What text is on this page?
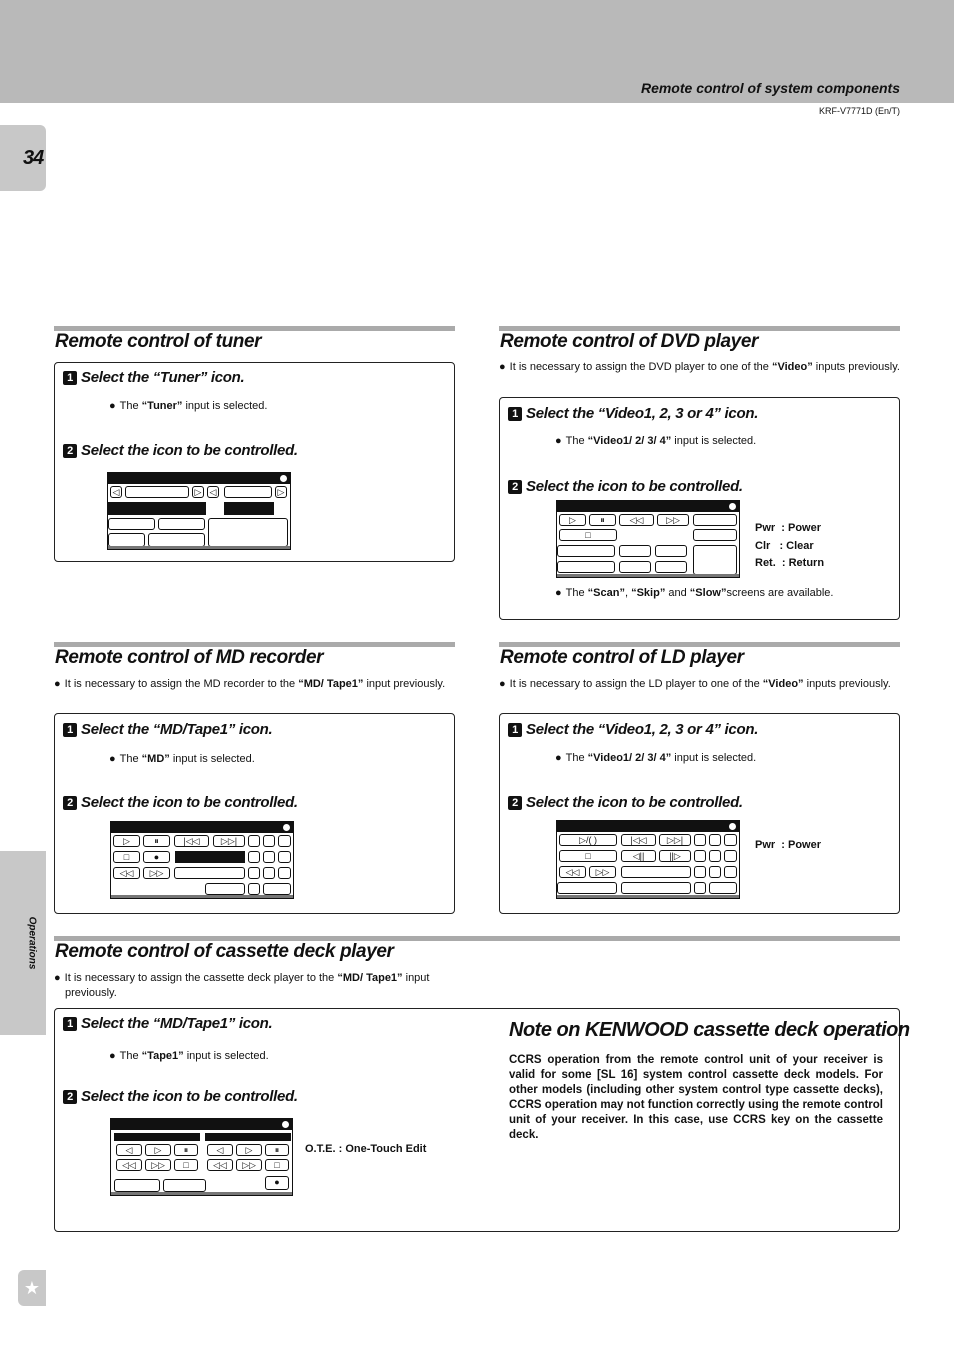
Remote control of system components
KRF-V7771D (En/T)
34
Operations
★
Remote control of tuner
1 Select the “Tuner” icon.
● The “Tuner” input is selected.
2 Select the icon to be controlled.
◁	▷ ◁	▷
Remote control of DVD player
● It is necessary to assign the DVD player to one of the “Video” inputs previously.
1 Select the “Video1, 2, 3 or 4” icon.
● The “Video1/ 2/ 3/ 4” input is selected.
2 Select the icon to be controlled.
▷	⏸	◁◁	▷▷
□
Pwr  : Power
Clr   : Clear
Ret.  : Return
● The “Scan”, “Skip” and “Slow”screens are available.
Remote control of MD recorder
● It is necessary to assign the MD recorder to the “MD/ Tape1” input previously.
1 Select the “MD/Tape1” icon.
● The “MD” input is selected.
2 Select the icon to be controlled.
▷	⏸	|◁◁	▷▷|
□	●
◁◁	▷▷
Remote control of LD player
● It is necessary to assign the LD player to one of the “Video” inputs previously.
1 Select the “Video1, 2, 3 or 4” icon.
● The “Video1/ 2/ 3/ 4” input is selected.
2 Select the icon to be controlled.
▷/( )	|◁◁	▷▷|
□	◁||	||▷
◁◁	▷▷
Pwr  : Power
Remote control of cassette deck player
● It is necessary to assign the cassette deck player to the “MD/ Tape1” input previously.
1 Select the “MD/Tape1” icon.
● The “Tape1” input is selected.
2 Select the icon to be controlled.
◁	▷	⏸
◁◁	▷▷	□
◁	▷	⏸
◁◁	▷▷	□
●
O.T.E. : One-Touch Edit
Note on KENWOOD cassette deck operation
CCRS operation from the remote control unit of your receiver is valid for some [SL 16] system control cassette deck models. For other models (including other system control type cassette decks), CCRS operation may not function correctly using the remote control unit of your receiver. In this case, use CCRS key on the cassette deck.
